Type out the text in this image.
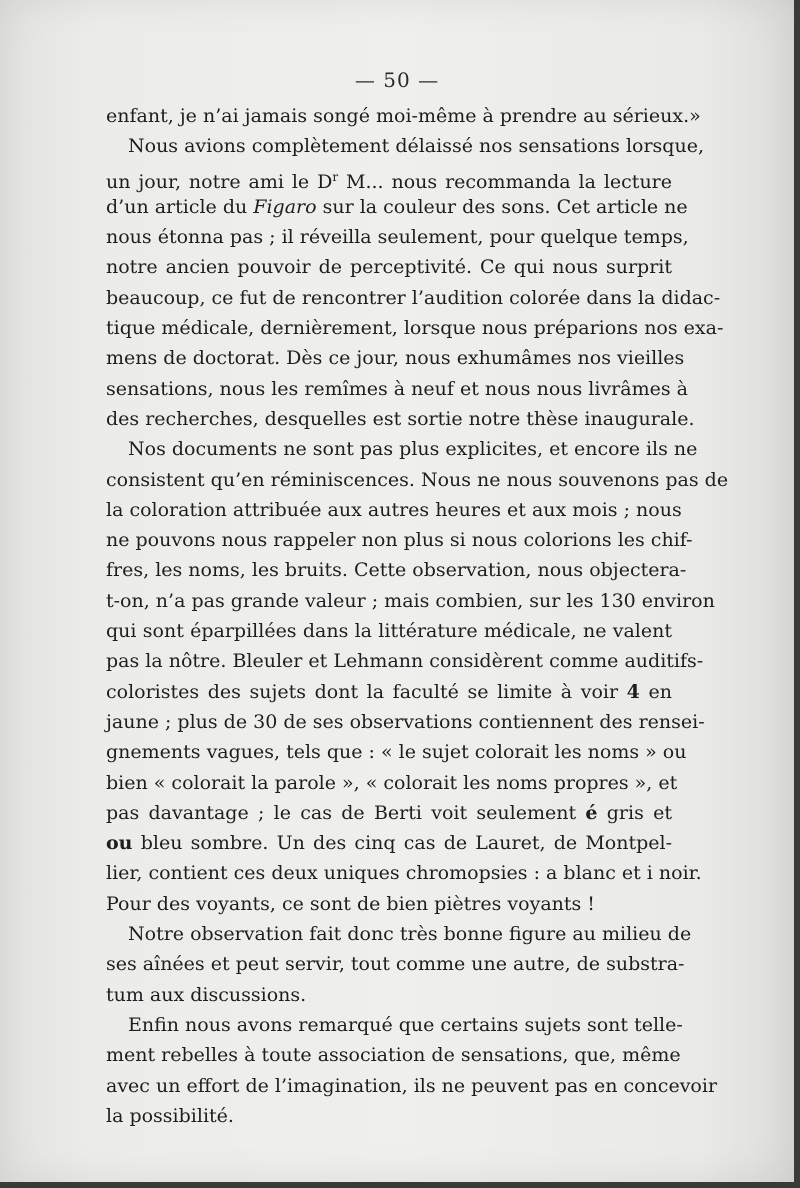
— 50 —
enfant, je n’ai jamais songé moi-même à prendre au sérieux.»
Nous avions complètement délaissé nos sensations lorsque,
un jour, notre ami le $D^r$ M... nous recommanda la lecture
d’un article du Figaro sur la couleur des sons. Cet article ne
nous étonna pas ; il réveilla seulement, pour quelque temps,
notre ancien pouvoir de perceptivité. Ce qui nous surprit
beaucoup, ce fut de rencontrer l’audition colorée dans la didac-
tique médicale, dernièrement, lorsque nous préparions nos exa-
mens de doctorat. Dès ce jour, nous exhumâmes nos vieilles
sensations, nous les remîmes à neuf et nous nous livrâmes à
des recherches, desquelles est sortie notre thèse inaugurale.
Nos documents ne sont pas plus explicites, et encore ils ne
consistent qu’en réminiscences. Nous ne nous souvenons pas de
la coloration attribuée aux autres heures et aux mois ; nous
ne pouvons nous rappeler non plus si nous colorions les chif-
fres, les noms, les bruits. Cette observation, nous objectera-
t-on, n’a pas grande valeur ; mais combien, sur les 130 environ
qui sont éparpillées dans la littérature médicale, ne valent
pas la nôtre. Bleuler et Lehmann considèrent comme auditifs-
coloristes des sujets dont la faculté se limite à voir 4 en
jaune ; plus de 30 de ses observations contiennent des rensei-
gnements vagues, tels que : « le sujet colorait les noms » ou
bien « colorait la parole », « colorait les noms propres », et
pas davantage ; le cas de Berti voit seulement é gris et
ou bleu sombre. Un des cinq cas de Lauret, de Montpel-
lier, contient ces deux uniques chromopsies : a blanc et i noir.
Pour des voyants, ce sont de bien piètres voyants !
Notre observation fait donc très bonne figure au milieu de
ses aînées et peut servir, tout comme une autre, de substra-
tum aux discussions.
Enfin nous avons remarqué que certains sujets sont telle-
ment rebelles à toute association de sensations, que, même
avec un effort de l’imagination, ils ne peuvent pas en concevoir
la possibilité.
